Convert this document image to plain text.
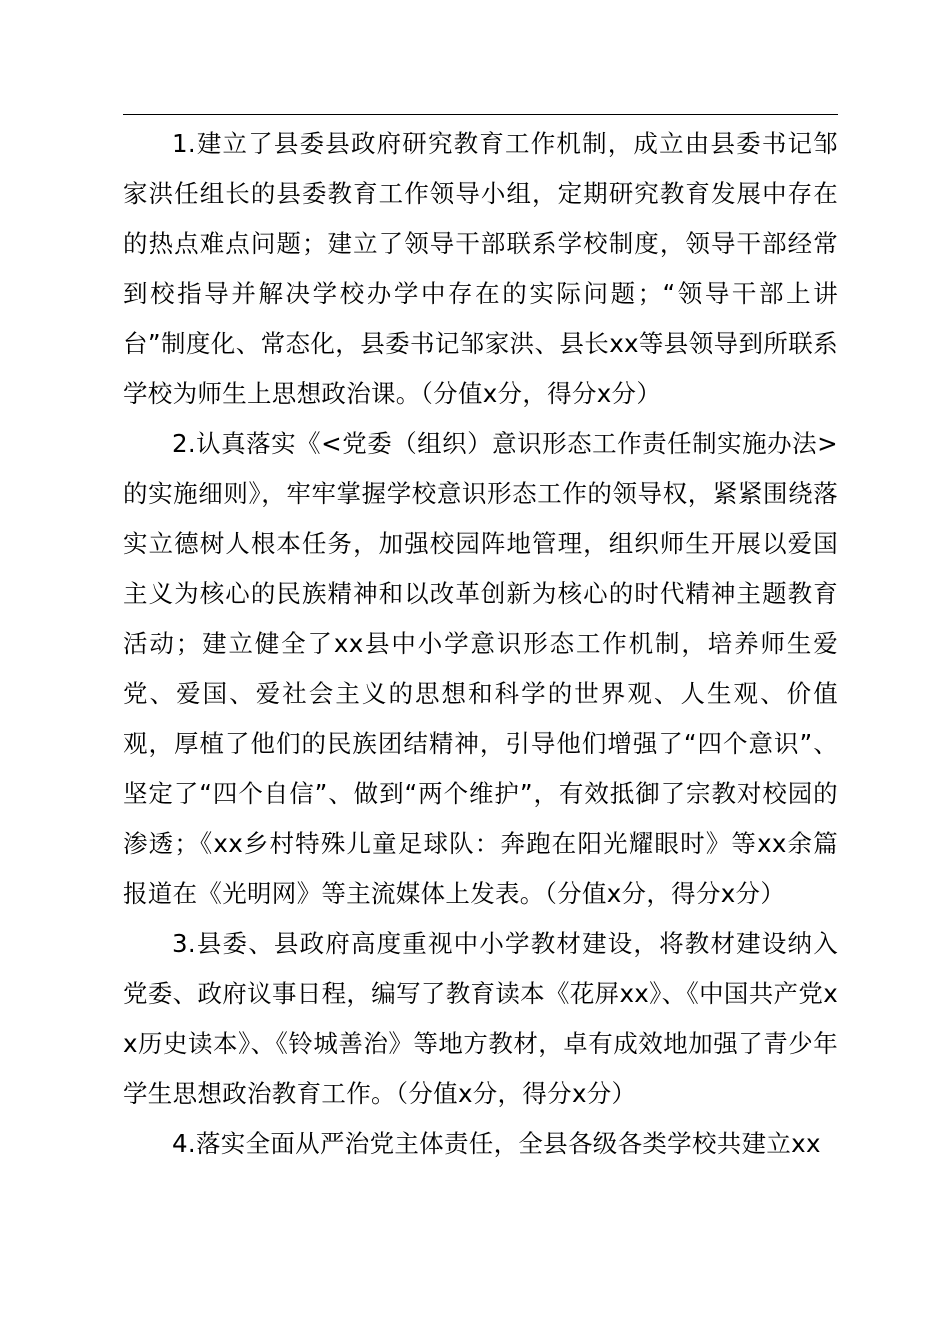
1.建立了县委县政府研究教育工作机制，成立由县委书记邹家洪任组长的县委教育工作领导小组，定期研究教育发展中存在的热点难点问题；建立了领导干部联系学校制度，领导干部经常到校指导并解决学校办学中存在的实际问题；“领导干部上讲台”制度化、常态化，县委书记邹家洪、县长xx等县领导到所联系学校为师生上思想政治课。（分值x分，得分x分）

2.认真落实《<党委（组织）意识形态工作责任制实施办法>的实施细则》，牢牢掌握学校意识形态工作的领导权，紧紧围绕落实立德树人根本任务，加强校园阵地管理，组织师生开展以爱国主义为核心的民族精神和以改革创新为核心的时代精神主题教育活动；建立健全了xx县中小学意识形态工作机制，培养师生爱党、爱国、爱社会主义的思想和科学的世界观、人生观、价值观，厚植了他们的民族团结精神，引导他们增强了“四个意识”、坚定了“四个自信”、做到“两个维护”，有效抵御了宗教对校园的渗透；《xx乡村特殊儿童足球队：奔跑在阳光耀眼时》等xx余篇报道在《光明网》等主流媒体上发表。（分值x分，得分x分）

3.县委、县政府高度重视中小学教材建设，将教材建设纳入党委、政府议事日程，编写了教育读本《花屏xx》、《中国共产党xx历史读本》、《铃城善治》等地方教材，卓有成效地加强了青少年学生思想政治教育工作。（分值x分，得分x分）

4.落实全面从严治党主体责任，全县各级各类学校共建立xx
